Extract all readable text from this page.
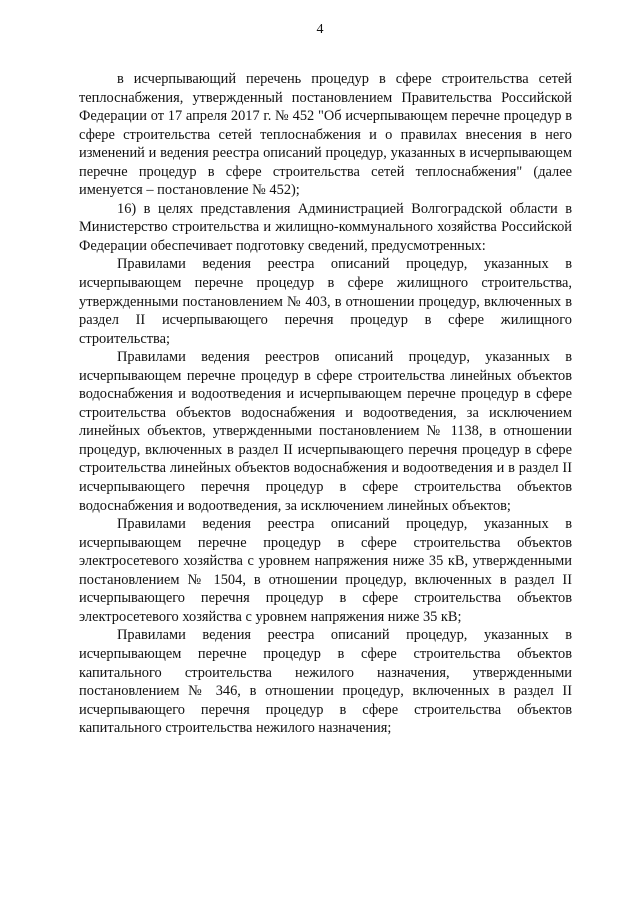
4

в исчерпывающий перечень процедур в сфере строительства сетей теплоснабжения, утвержденный постановлением Правительства Российской Федерации от 17 апреля 2017 г. № 452 "Об исчерпывающем перечне процедур в сфере строительства сетей теплоснабжения и о правилах внесения в него изменений и ведения реестра описаний процедур, указанных в исчерпывающем перечне процедур в сфере строительства сетей теплоснабжения" (далее именуется – постановление № 452);

16) в целях представления Администрацией Волгоградской области в Министерство строительства и жилищно-коммунального хозяйства Российской Федерации обеспечивает подготовку сведений, предусмотренных:

Правилами ведения реестра описаний процедур, указанных в исчерпывающем перечне процедур в сфере жилищного строительства, утвержденными постановлением № 403, в отношении процедур, включенных в раздел II исчерпывающего перечня процедур в сфере жилищного строительства;

Правилами ведения реестров описаний процедур, указанных в исчерпывающем перечне процедур в сфере строительства линейных объектов водоснабжения и водоотведения и исчерпывающем перечне процедур в сфере строительства объектов водоснабжения и водоотведения, за исключением линейных объектов, утвержденными постановлением № 1138, в отношении процедур, включенных в раздел II исчерпывающего перечня процедур в сфере строительства линейных объектов водоснабжения и водоотведения и в раздел II исчерпывающего перечня процедур в сфере строительства объектов водоснабжения и водоотведения, за исключением линейных объектов;

Правилами ведения реестра описаний процедур, указанных в исчерпывающем перечне процедур в сфере строительства объектов электросетевого хозяйства с уровнем напряжения ниже 35 кВ, утвержденными постановлением № 1504, в отношении процедур, включенных в раздел II исчерпывающего перечня процедур в сфере строительства объектов электросетевого хозяйства с уровнем напряжения ниже 35 кВ;

Правилами ведения реестра описаний процедур, указанных в исчерпывающем перечне процедур в сфере строительства объектов капитального строительства нежилого назначения, утвержденными постановлением № 346, в отношении процедур, включенных в раздел II исчерпывающего перечня процедур в сфере строительства объектов капитального строительства нежилого назначения;
